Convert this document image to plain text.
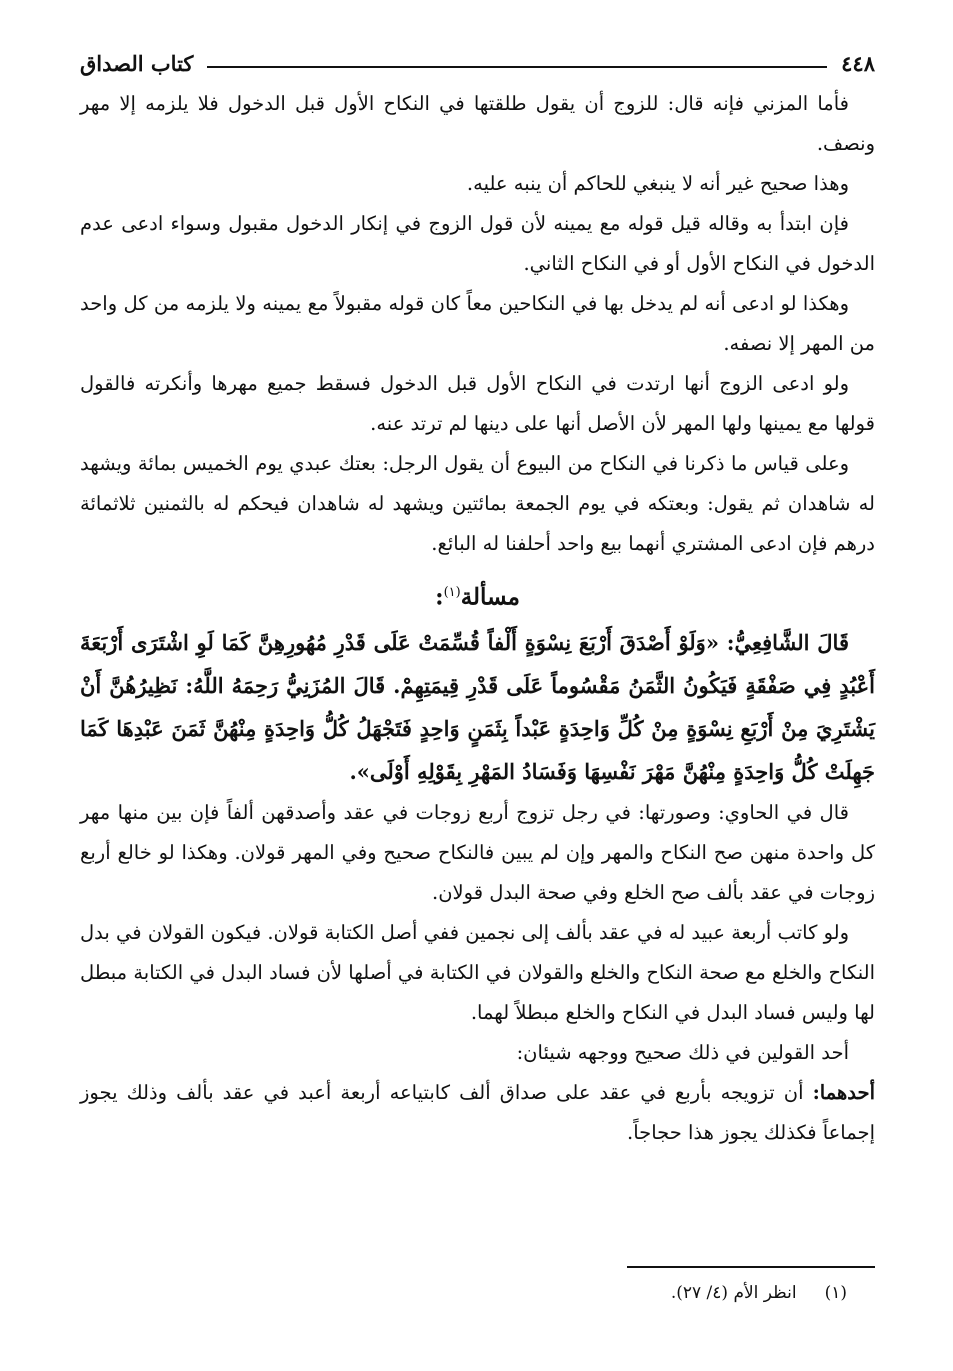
٤٤٨
كتاب الصداق

فأما المزني فإنه قال: للزوج أن يقول طلقتها في النكاح الأول قبل الدخول فلا يلزمه إلا مهر ونصف.

وهذا صحيح غير أنه لا ينبغي للحاكم أن ينبه عليه.

فإن ابتدأ به وقاله قيل قوله مع يمينه لأن قول الزوج في إنكار الدخول مقبول وسواء ادعى عدم الدخول في النكاح الأول أو في النكاح الثاني.

وهكذا لو ادعى أنه لم يدخل بها في النكاحين معاً كان قوله مقبولاً مع يمينه ولا يلزمه من كل واحد من المهر إلا نصفه.

ولو ادعى الزوج أنها ارتدت في النكاح الأول قبل الدخول فسقط جميع مهرها وأنكرته فالقول قولها مع يمينها ولها المهر لأن الأصل أنها على دينها لم ترتد عنه.

وعلى قياس ما ذكرنا في النكاح من البيوع أن يقول الرجل: بعتك عبدي يوم الخميس بمائة ويشهد له شاهدان ثم يقول: وبعتكه في يوم الجمعة بمائتين ويشهد له شاهدان فيحكم له بالثمنين ثلاثمائة درهم فإن ادعى المشتري أنهما بيع واحد أحلفنا له البائع.

مسألة$^{(١)}$:

قَالَ الشَّافِعِيُّ: «وَلَوْ أَصْدَقَ أَرْبَعَ نِسْوَةٍ أَلْفاً قُسِّمَتْ عَلَى قَدْرِ مُهُورِهِنَّ كَمَا لَوِ اشْتَرَى أَرْبَعَةَ أَعْبُدٍ فِي صَفْقَةٍ فَيَكُونُ الثَّمَنُ مَقْسُوماً عَلَى قَدْرِ قِيمَتِهِمْ. قَالَ المُزَنِيُّ رَحِمَهُ اللَّهُ: نَظِيرُهُنَّ أَنْ يَشْتَرِيَ مِنْ أَرْبَعِ نِسْوَةٍ مِنْ كُلِّ وَاحِدَةٍ عَبْداً بِثَمَنٍ وَاحِدٍ فَتَجْهَلُ كُلُّ وَاحِدَةٍ مِنْهُنَّ ثَمَنَ عَبْدِهَا كَمَا جَهِلَتْ كُلُّ وَاحِدَةٍ مِنْهُنَّ مَهْرَ نَفْسِهَا وَفَسَادُ المَهْرِ بِقَوْلِهِ أَوْلَى».

قال في الحاوي: وصورتها: في رجل تزوج أربع زوجات في عقد وأصدقهن ألفاً فإن بين منها مهر كل واحدة منهن صح النكاح والمهر وإن لم يبين فالنكاح صحيح وفي المهر قولان. وهكذا لو خالع أربع زوجات في عقد بألف صح الخلع وفي صحة البدل قولان.

ولو كاتب أربعة عبيد له في عقد بألف إلى نجمين ففي أصل الكتابة قولان. فيكون القولان في بدل النكاح والخلع مع صحة النكاح والخلع والقولان في الكتابة في أصلها لأن فساد البدل في الكتابة مبطل لها وليس فساد البدل في النكاح والخلع مبطلاً لهما.

أحد القولين في ذلك صحيح ووجهه شيئان:

أحدهما: أن تزويجه بأربع في عقد على صداق ألف كابتياعه أربعة أعبد في عقد بألف وذلك يجوز إجماعاً فكذلك يجوز هذا حجاجاً.

(١)انظر الأم (٤/ ٢٧).
